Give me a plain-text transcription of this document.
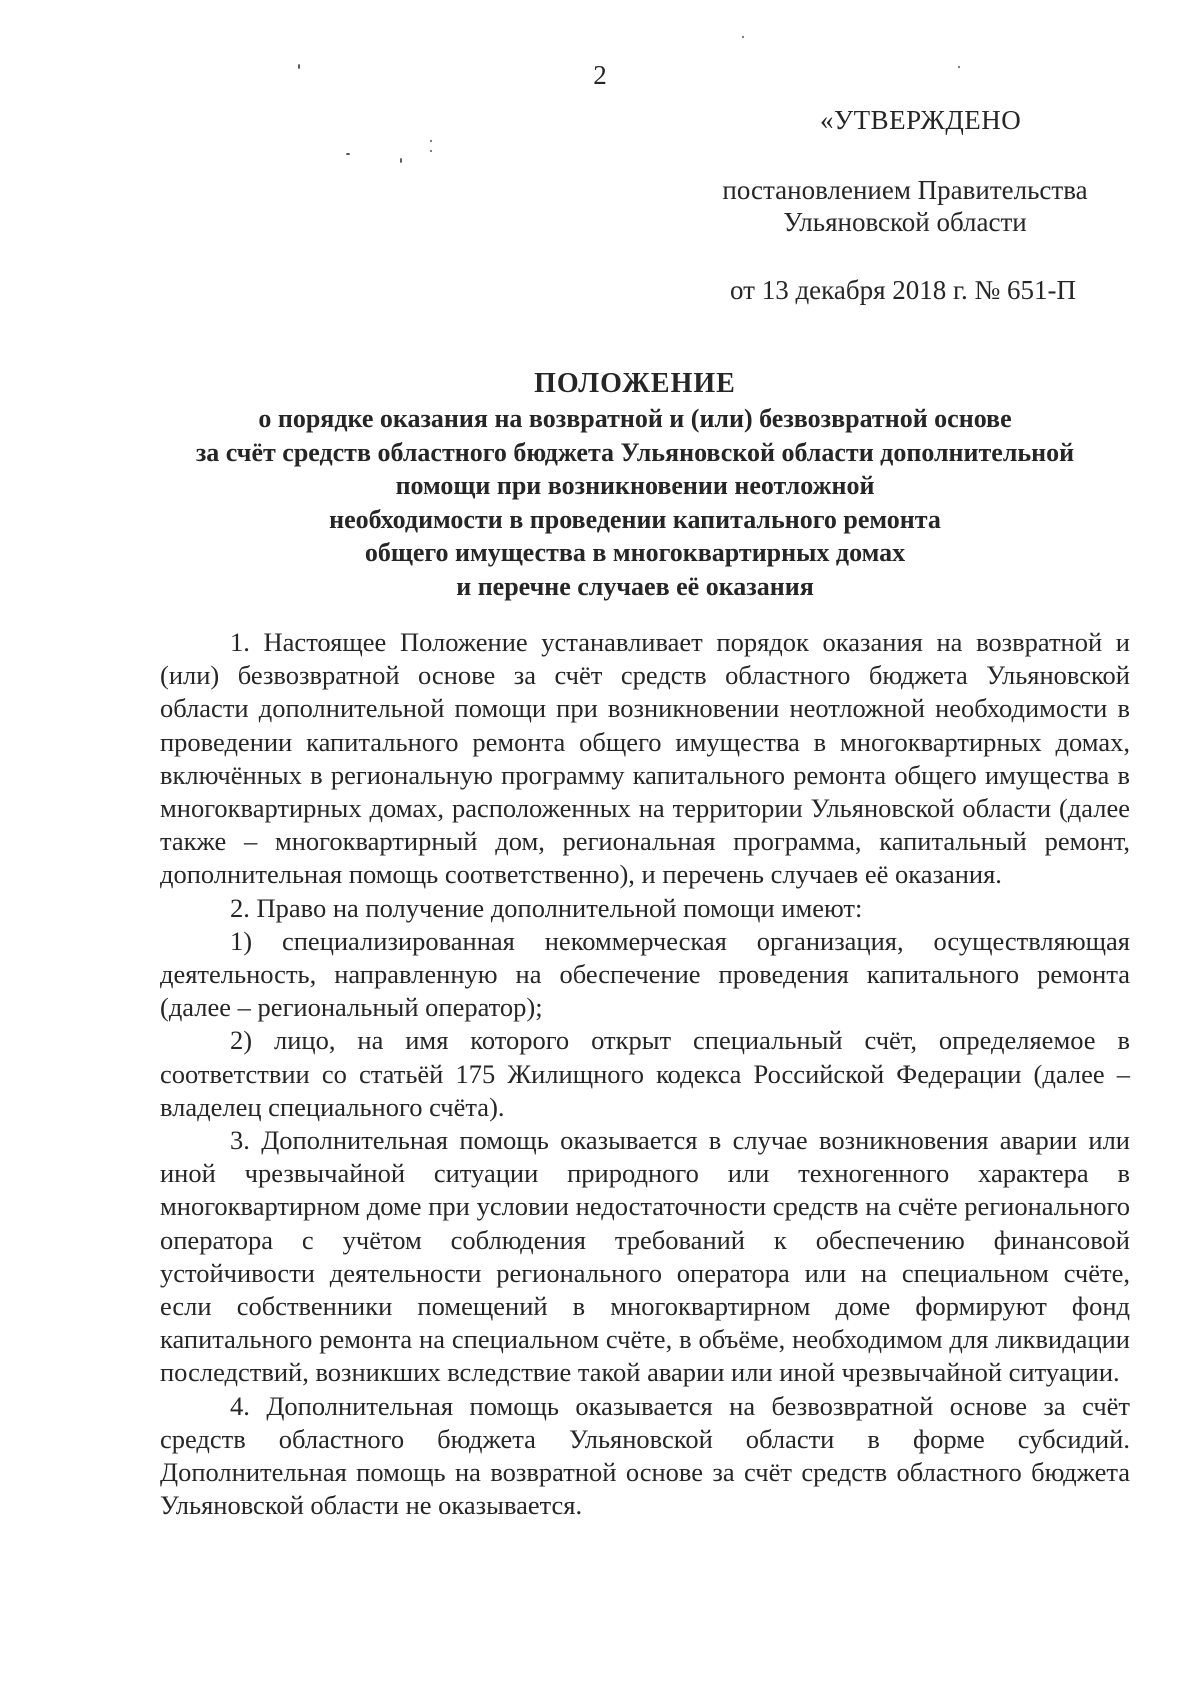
2
«УТВЕРЖДЕНО
постановлением Правительства
Ульяновской области
от 13 декабря 2018 г. № 651-П
ПОЛОЖЕНИЕ
о порядке оказания на возвратной и (или) безвозвратной основе
за счёт средств областного бюджета Ульяновской области дополнительной
помощи при возникновении неотложной
необходимости в проведении капитального ремонта
общего имущества в многоквартирных домах
и перечне случаев её оказания

1. Настоящее Положение устанавливает порядок оказания на возвратной и (или) безвозвратной основе за счёт средств областного бюджета Ульяновской области дополнительной помощи при возникновении неотложной необходимости в проведении капитального ремонта общего имущества в многоквартирных домах, включённых в региональную программу капитального ремонта общего имущества в многоквартирных домах, расположенных на территории Ульяновской области (далее также – многоквартирный дом, региональная программа, капитальный ремонт, дополнительная помощь соответственно), и перечень случаев её оказания.

2. Право на получение дополнительной помощи имеют:

1) специализированная некоммерческая организация, осуществляющая деятельность, направленную на обеспечение проведения капитального ремонта (далее – региональный оператор);

2) лицо, на имя которого открыт специальный счёт, определяемое в соответствии со статьёй 175 Жилищного кодекса Российской Федерации (далее – владелец специального счёта).

3. Дополнительная помощь оказывается в случае возникновения аварии или иной чрезвычайной ситуации природного или техногенного характера в многоквартирном доме при условии недостаточности средств на счёте регионального оператора с учётом соблюдения требований к обеспечению финансовой устойчивости деятельности регионального оператора или на специальном счёте, если собственники помещений в многоквартирном доме формируют фонд капитального ремонта на специальном счёте, в объёме, необходимом для ликвидации последствий, возникших вследствие такой аварии или иной чрезвычайной ситуации.

4. Дополнительная помощь оказывается на безвозвратной основе за счёт средств областного бюджета Ульяновской области в форме субсидий. Дополнительная помощь на возвратной основе за счёт средств областного бюджета Ульяновской области не оказывается.
